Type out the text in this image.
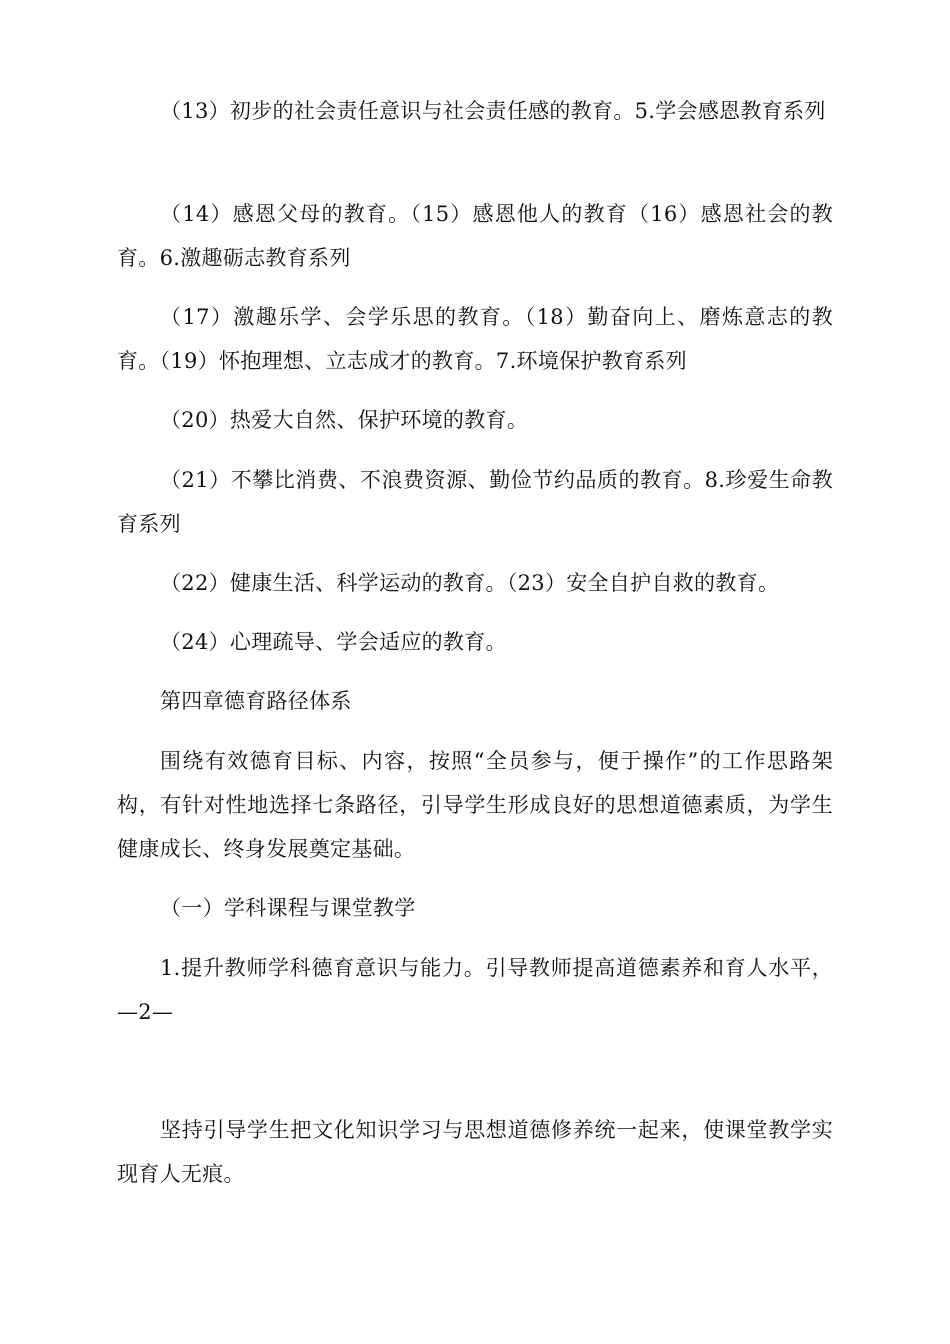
（13）初步的社会责任意识与社会责任感的教育。5.学会感恩教育系列

（14）感恩父母的教育。（15）感恩他人的教育（16）感恩社会的教育。6.激趣砺志教育系列

（17）激趣乐学、会学乐思的教育。（18）勤奋向上、磨炼意志的教育。（19）怀抱理想、立志成才的教育。7.环境保护教育系列

（20）热爱大自然、保护环境的教育。

（21）不攀比消费、不浪费资源、勤俭节约品质的教育。8.珍爱生命教育系列

（22）健康生活、科学运动的教育。（23）安全自护自救的教育。

（24）心理疏导、学会适应的教育。

第四章德育路径体系

围绕有效德育目标、内容，按照“全员参与，便于操作”的工作思路架构，有针对性地选择七条路径，引导学生形成良好的思想道德素质，为学生健康成长、终身发展奠定基础。

（一）学科课程与课堂教学

1.提升教师学科德育意识与能力。引导教师提高道德素养和育人水平，—2—

坚持引导学生把文化知识学习与思想道德修养统一起来，使课堂教学实现育人无痕。
